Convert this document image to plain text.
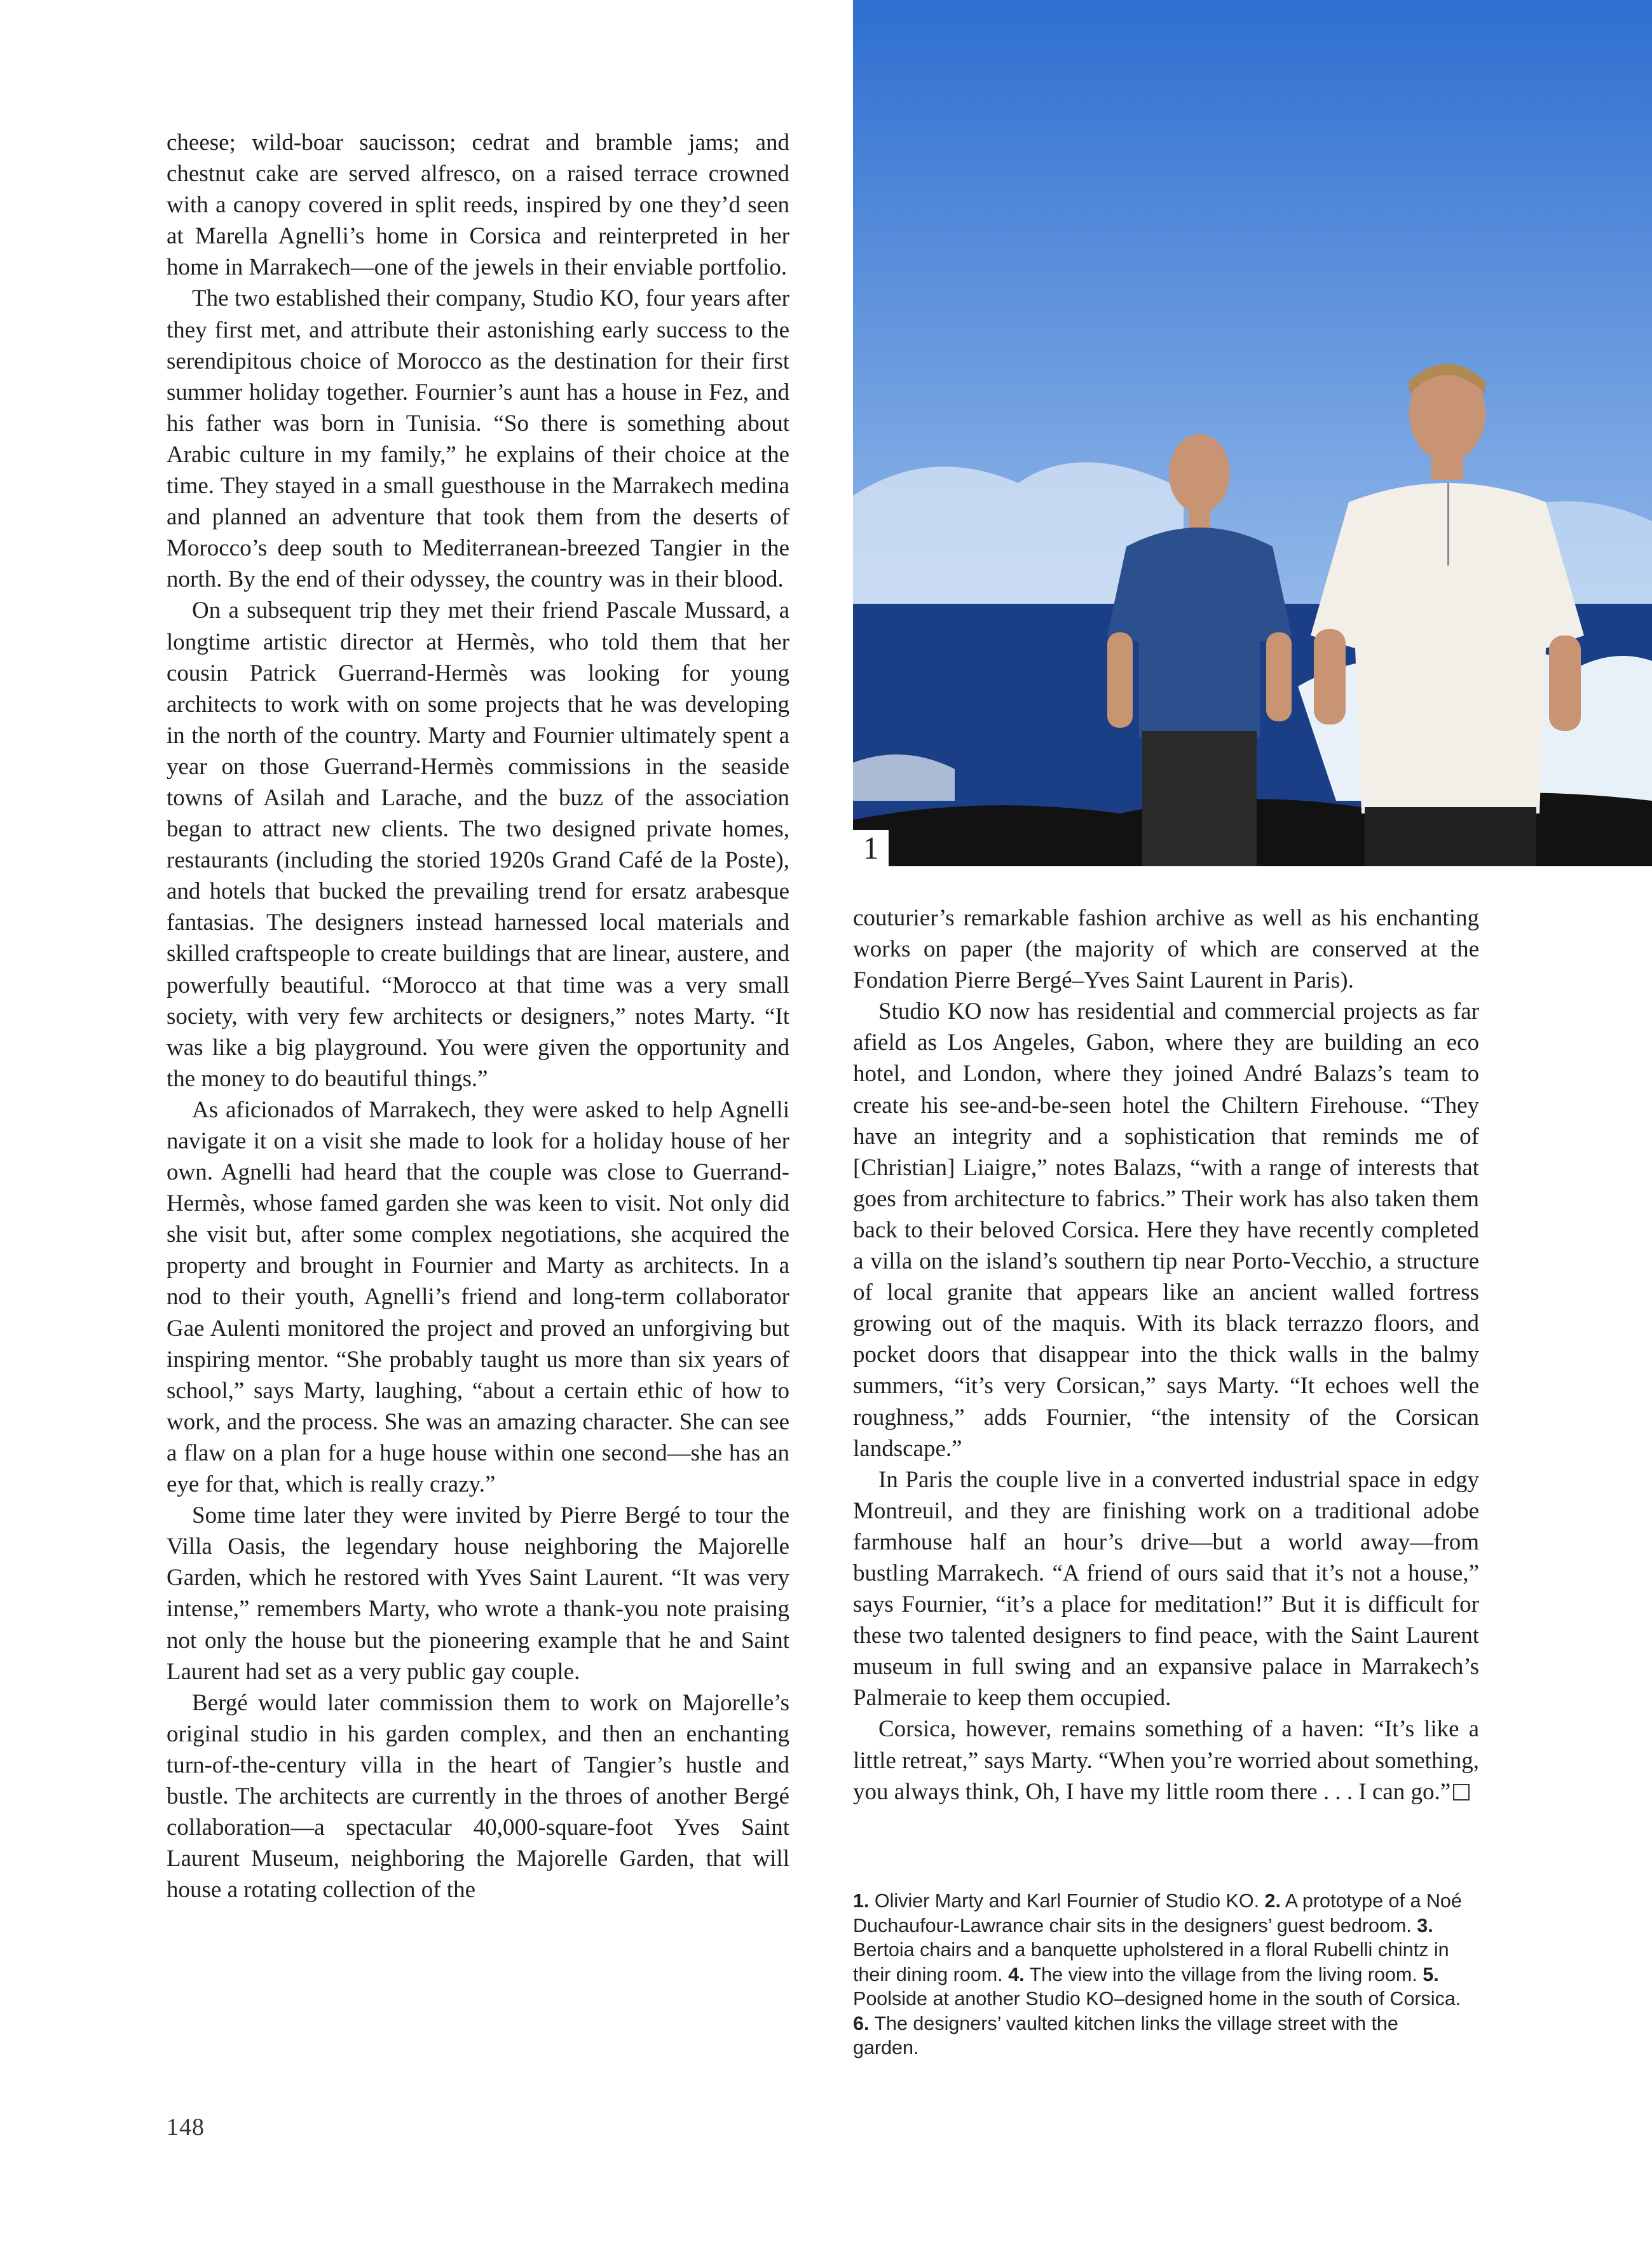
cheese; wild-boar saucisson; cedrat and bramble jams; and chestnut cake are served alfresco, on a raised terrace crowned with a canopy covered in split reeds, inspired by one they’d seen at Marella Agnelli’s home in Corsica and reinterpreted in her home in Marrakech—one of the jewels in their enviable portfolio.

The two established their company, Studio KO, four years after they first met, and attribute their astonishing early success to the serendipitous choice of Morocco as the destination for their first summer holiday together. Fournier’s aunt has a house in Fez, and his father was born in Tunisia. “So there is something about Arabic culture in my family,” he explains of their choice at the time. They stayed in a small guesthouse in the Marrakech medina and planned an adventure that took them from the deserts of Morocco’s deep south to Mediterranean-breezed Tangier in the north. By the end of their odyssey, the country was in their blood.

On a subsequent trip they met their friend Pascale Mussard, a longtime artistic director at Hermès, who told them that her cousin Patrick Guerrand-Hermès was looking for young architects to work with on some projects that he was developing in the north of the country. Marty and Fournier ultimately spent a year on those Guerrand-Hermès commissions in the seaside towns of Asilah and Larache, and the buzz of the association began to attract new clients. The two designed private homes, restaurants (including the storied 1920s Grand Café de la Poste), and hotels that bucked the prevailing trend for ersatz arabesque fantasias. The designers instead harnessed local materials and skilled craftspeople to create buildings that are linear, austere, and powerfully beautiful. “Morocco at that time was a very small society, with very few architects or designers,” notes Marty. “It was like a big playground. You were given the opportunity and the money to do beautiful things.”

As aficionados of Marrakech, they were asked to help Agnelli navigate it on a visit she made to look for a holiday house of her own. Agnelli had heard that the couple was close to Guerrand-Hermès, whose famed garden she was keen to visit. Not only did she visit but, after some complex negotiations, she acquired the property and brought in Fournier and Marty as architects. In a nod to their youth, Agnelli’s friend and long-term collaborator Gae Aulenti monitored the project and proved an unforgiving but inspiring mentor. “She probably taught us more than six years of school,” says Marty, laughing, “about a certain ethic of how to work, and the process. She was an amazing character. She can see a flaw on a plan for a huge house within one second—she has an eye for that, which is really crazy.”

Some time later they were invited by Pierre Bergé to tour the Villa Oasis, the legendary house neighboring the Majorelle Garden, which he restored with Yves Saint Laurent. “It was very intense,” remembers Marty, who wrote a thank-you note praising not only the house but the pioneering example that he and Saint Laurent had set as a very public gay couple.

Bergé would later commission them to work on Majorelle’s original studio in his garden complex, and then an enchanting turn-of-the-century villa in the heart of Tangier’s hustle and bustle. The architects are currently in the throes of another Bergé collaboration—a spectacular 40,000-square-foot Yves Saint Laurent Museum, neighboring the Majorelle Garden, that will house a rotating collection of the

1

couturier’s remarkable fashion archive as well as his enchanting works on paper (the majority of which are conserved at the Fondation Pierre Bergé–Yves Saint Laurent in Paris).

Studio KO now has residential and commercial projects as far afield as Los Angeles, Gabon, where they are building an eco hotel, and London, where they joined André Balazs’s team to create his see-and-be-seen hotel the Chiltern Firehouse. “They have an integrity and a sophistication that reminds me of [Christian] Liaigre,” notes Balazs, “with a range of interests that goes from architecture to fabrics.” Their work has also taken them back to their beloved Corsica. Here they have recently completed a villa on the island’s southern tip near Porto-Vecchio, a structure of local granite that appears like an ancient walled fortress growing out of the maquis. With its black terrazzo floors, and pocket doors that disappear into the thick walls in the balmy summers, “it’s very Corsican,” says Marty. “It echoes well the roughness,” adds Fournier, “the intensity of the Corsican landscape.”

In Paris the couple live in a converted industrial space in edgy Montreuil, and they are finishing work on a traditional adobe farmhouse half an hour’s drive—but a world away—from bustling Marrakech. “A friend of ours said that it’s not a house,” says Fournier, “it’s a place for meditation!” But it is difficult for these two talented designers to find peace, with the Saint Laurent museum in full swing and an expansive palace in Marrakech’s Palmeraie to keep them occupied.

Corsica, however, remains something of a haven: “It’s like a little retreat,” says Marty. “When you’re worried about something, you always think, Oh, I have my little room there . . . I can go.”

1. Olivier Marty and Karl Fournier of Studio KO. 2. A prototype of a Noé Duchaufour-Lawrance chair sits in the designers’ guest bedroom. 3. Bertoia chairs and a banquette upholstered in a floral Rubelli chintz in their dining room. 4. The view into the village from the living room. 5. Poolside at another Studio KO–designed home in the south of Corsica. 6. The designers’ vaulted kitchen links the village street with the garden.
148
